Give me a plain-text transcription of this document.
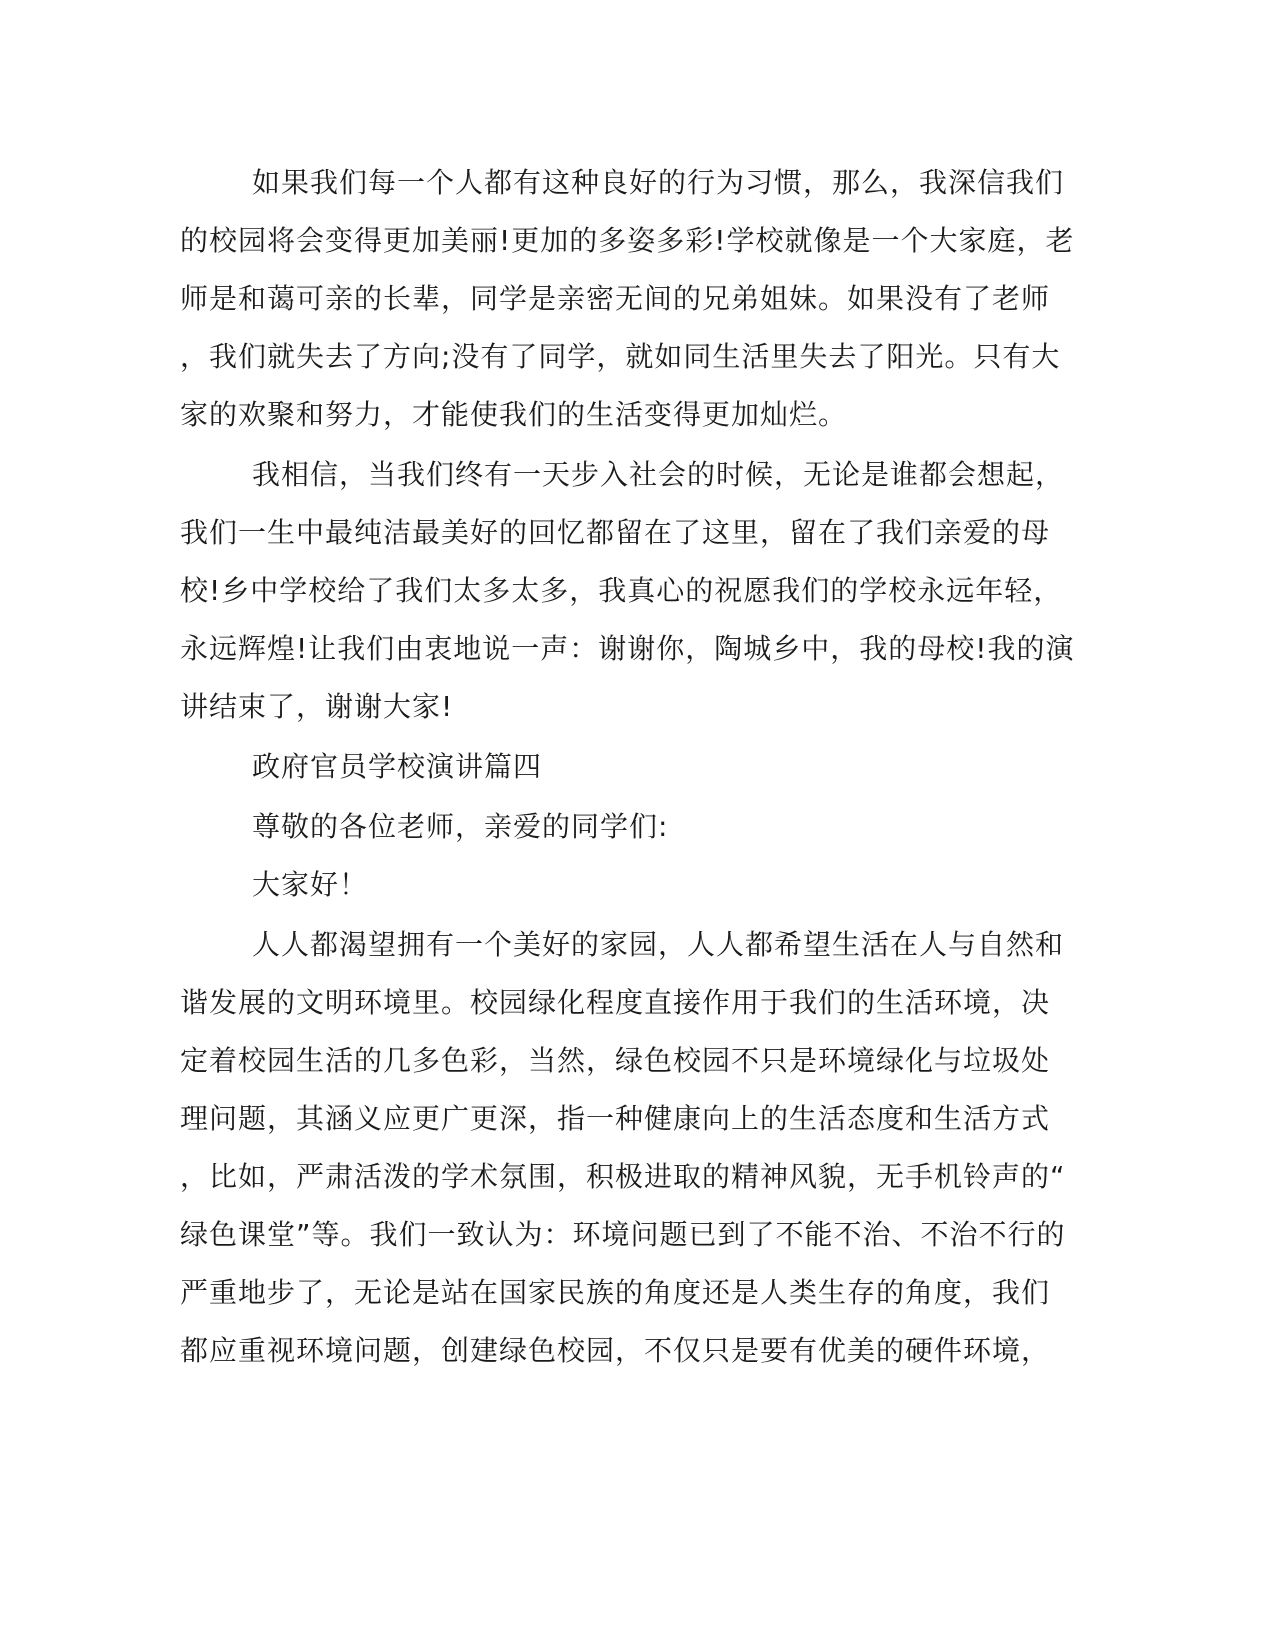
如果我们每一个人都有这种良好的行为习惯，那么，我深信我们
的校园将会变得更加美丽!更加的多姿多彩!学校就像是一个大家庭，老
师是和蔼可亲的长辈，同学是亲密无间的兄弟姐妹。如果没有了老师
，我们就失去了方向;没有了同学，就如同生活里失去了阳光。只有大
家的欢聚和努力，才能使我们的生活变得更加灿烂。
我相信，当我们终有一天步入社会的时候，无论是谁都会想起，
我们一生中最纯洁最美好的回忆都留在了这里，留在了我们亲爱的母
校!乡中学校给了我们太多太多，我真心的祝愿我们的学校永远年轻，
永远辉煌!让我们由衷地说一声：谢谢你，陶城乡中，我的母校!我的演
讲结束了，谢谢大家!
政府官员学校演讲篇四
尊敬的各位老师，亲爱的同学们:
大家好！
人人都渴望拥有一个美好的家园，人人都希望生活在人与自然和
谐发展的文明环境里。校园绿化程度直接作用于我们的生活环境，决
定着校园生活的几多色彩，当然，绿色校园不只是环境绿化与垃圾处
理问题，其涵义应更广更深，指一种健康向上的生活态度和生活方式
，比如，严肃活泼的学术氛围，积极进取的精神风貌，无手机铃声的“
绿色课堂”等。我们一致认为：环境问题已到了不能不治、不治不行的
严重地步了，无论是站在国家民族的角度还是人类生存的角度，我们
都应重视环境问题，创建绿色校园，不仅只是要有优美的硬件环境，
